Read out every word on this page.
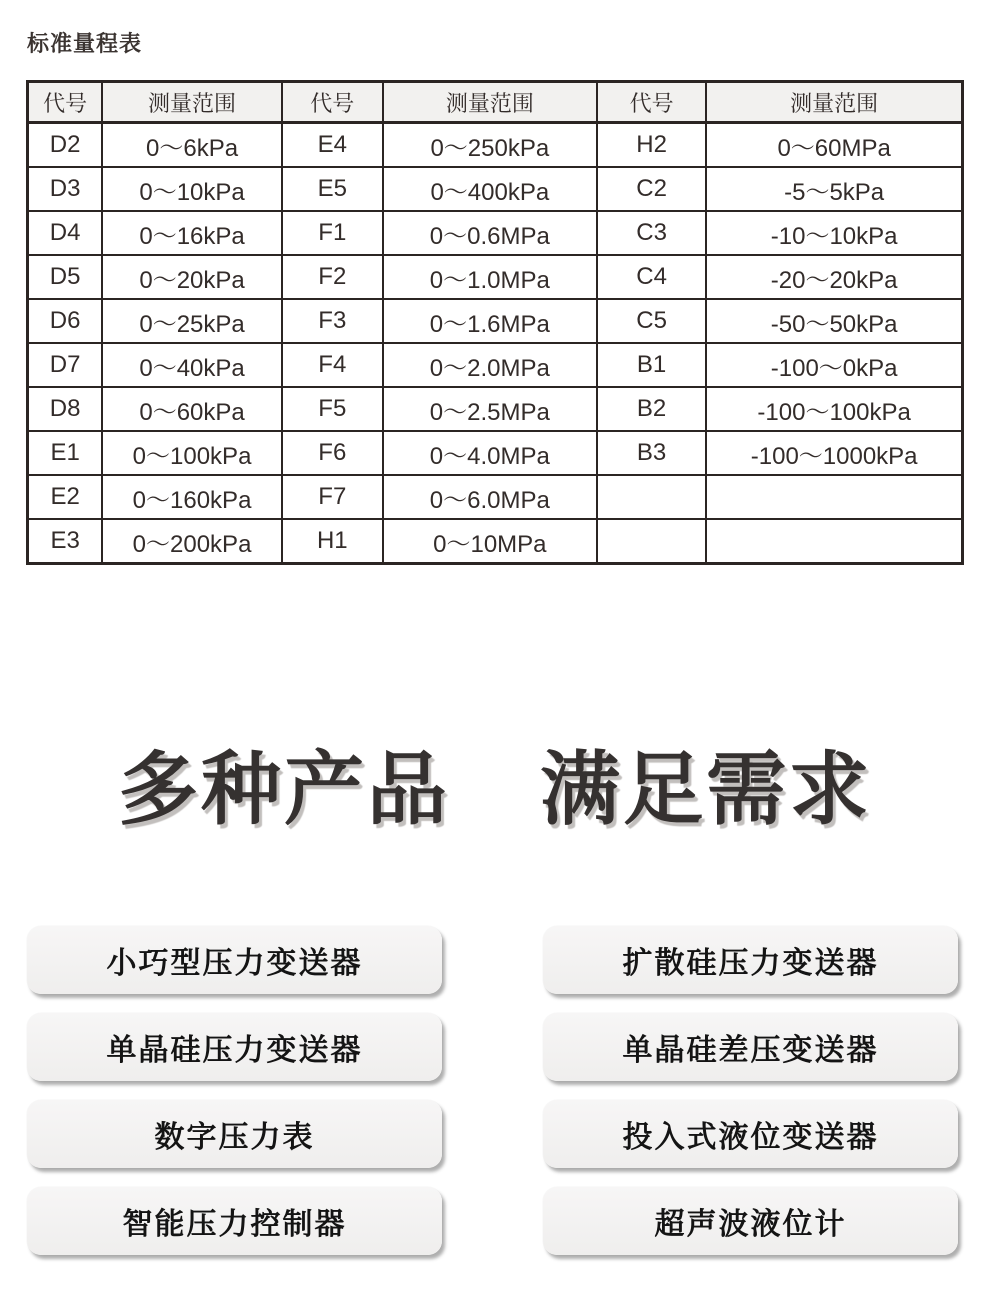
标准量程表
代号	测量范围	代号	测量范围	代号	测量范围
D2	0～6kPa	E4	0～250kPa	H2	0～60MPa
D3	0～10kPa	E5	0～400kPa	C2	-5～5kPa
D4	0～16kPa	F1	0～0.6MPa	C3	-10～10kPa
D5	0～20kPa	F2	0～1.0MPa	C4	-20～20kPa
D6	0～25kPa	F3	0～1.6MPa	C5	-50～50kPa
D7	0～40kPa	F4	0～2.0MPa	B1	-100～0kPa
D8	0～60kPa	F5	0～2.5MPa	B2	-100～100kPa
E1	0～100kPa	F6	0～4.0MPa	B3	-100～1000kPa
E2	0～160kPa	F7	0～6.0MPa		
E3	0～200kPa	H1	0～10MPa		
多种产品 满足需求
小巧型压力变送器	扩散硅压力变送器
单晶硅压力变送器	单晶硅差压变送器
数字压力表	投入式液位变送器
智能压力控制器	超声波液位计
